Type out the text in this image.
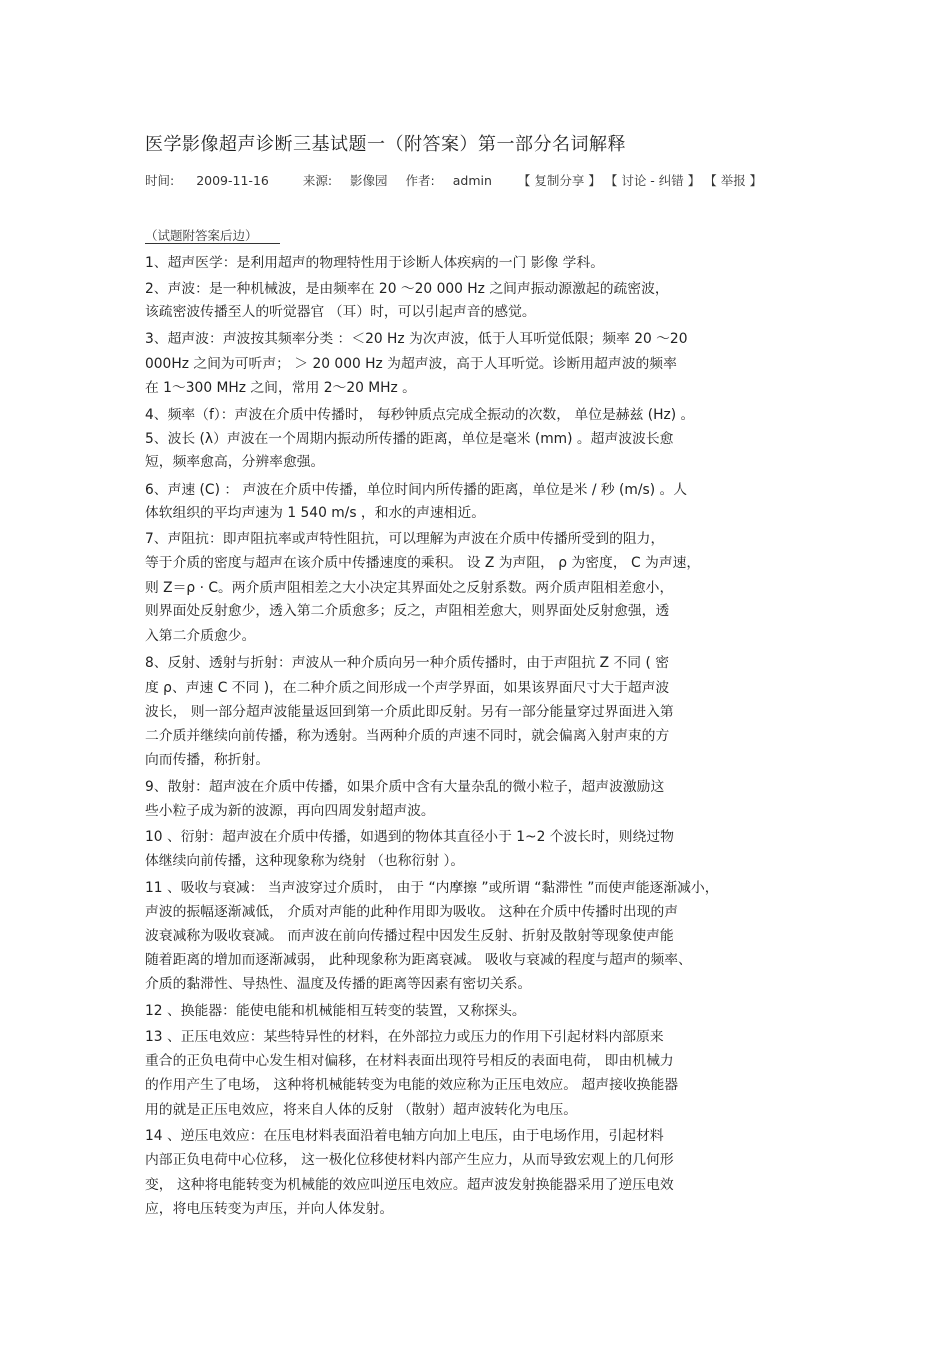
医学影像超声诊断三基试题一（附答案）第一部分名词解释
时间: 2009-11-16	来源: 影像园 作者: admin 【 复制分享 】 【 讨论 - 纠错 】 【 举报 】
（试题附答案后边）
1、超声医学：是利用超声的物理特性用于诊断人体疾病的一门 影像 学科。
2、声波：是一种机械波，是由频率在 20 ～20 000 Hz 之间声振动源激起的疏密波，
该疏密波传播至人的听觉器官 （耳）时，可以引起声音的感觉。
3、超声波：声波按其频率分类 ：＜20 Hz 为次声波，低于人耳听觉低限；频率 20 ～20
000Hz 之间为可听声； ＞ 20 000 Hz 为超声波，高于人耳听觉。诊断用超声波的频率
在 1～300 MHz 之间，常用 2～20 MHz 。
4、频率（f）：声波在介质中传播时， 每秒钟质点完成全振动的次数， 单位是赫兹 (Hz) 。
5、波长 (λ）声波在一个周期内振动所传播的距离，单位是毫米 (mm) 。超声波波长愈
短，频率愈高，分辨率愈强。
6、声速 (C) ： 声波在介质中传播，单位时间内所传播的距离，单位是米 / 秒 (m/s) 。人
体软组织的平均声速为 1 540 m/s ，和水的声速相近。
7、声阻抗：即声阻抗率或声特性阻抗，可以理解为声波在介质中传播所受到的阻力，
等于介质的密度与超声在该介质中传播速度的乘积。 设 Z 为声阻， ρ 为密度， C 为声速，
则 Z＝ρ · C。两介质声阻相差之大小决定其界面处之反射系数。两介质声阻相差愈小，
则界面处反射愈少，透入第二介质愈多；反之，声阻相差愈大，则界面处反射愈强，透
入第二介质愈少。
8、反射、透射与折射：声波从一种介质向另一种介质传播时，由于声阻抗 Z 不同 ( 密
度 ρ、声速 C 不同 )，在二种介质之间形成一个声学界面，如果该界面尺寸大于超声波
波长， 则一部分超声波能量返回到第一介质此即反射。另有一部分能量穿过界面进入第
二介质并继续向前传播，称为透射。当两种介质的声速不同时，就会偏离入射声束的方
向而传播，称折射。
9、散射：超声波在介质中传播，如果介质中含有大量杂乱的微小粒子，超声波激励这
些小粒子成为新的波源，再向四周发射超声波。
10 、衍射：超声波在介质中传播，如遇到的物体其直径小于 1~2 个波长时，则绕过物
体继续向前传播，这种现象称为绕射 （也称衍射 ）。
11 、吸收与衰减： 当声波穿过介质时， 由于 “内摩擦 ”或所谓 “黏滞性 ”而使声能逐渐减小，
声波的振幅逐渐减低， 介质对声能的此种作用即为吸收。 这种在介质中传播时出现的声
波衰减称为吸收衰减。 而声波在前向传播过程中因发生反射、折射及散射等现象使声能
随着距离的增加而逐渐减弱， 此种现象称为距离衰减。 吸收与衰减的程度与超声的频率、
介质的黏滞性、导热性、温度及传播的距离等因素有密切关系。
12 、换能器：能使电能和机械能相互转变的装置，又称探头。
13 、正压电效应：某些特异性的材料，在外部拉力或压力的作用下引起材料内部原来
重合的正负电荷中心发生相对偏移，在材料表面出现符号相反的表面电荷， 即由机械力
的作用产生了电场， 这种将机械能转变为电能的效应称为正压电效应。 超声接收换能器
用的就是正压电效应，将来自人体的反射 （散射）超声波转化为电压。
14 、逆压电效应：在压电材料表面沿着电轴方向加上电压，由于电场作用，引起材料
内部正负电荷中心位移， 这一极化位移使材料内部产生应力，从而导致宏观上的几何形
变， 这种将电能转变为机械能的效应叫逆压电效应。超声波发射换能器采用了逆压电效
应，将电压转变为声压，并向人体发射。
